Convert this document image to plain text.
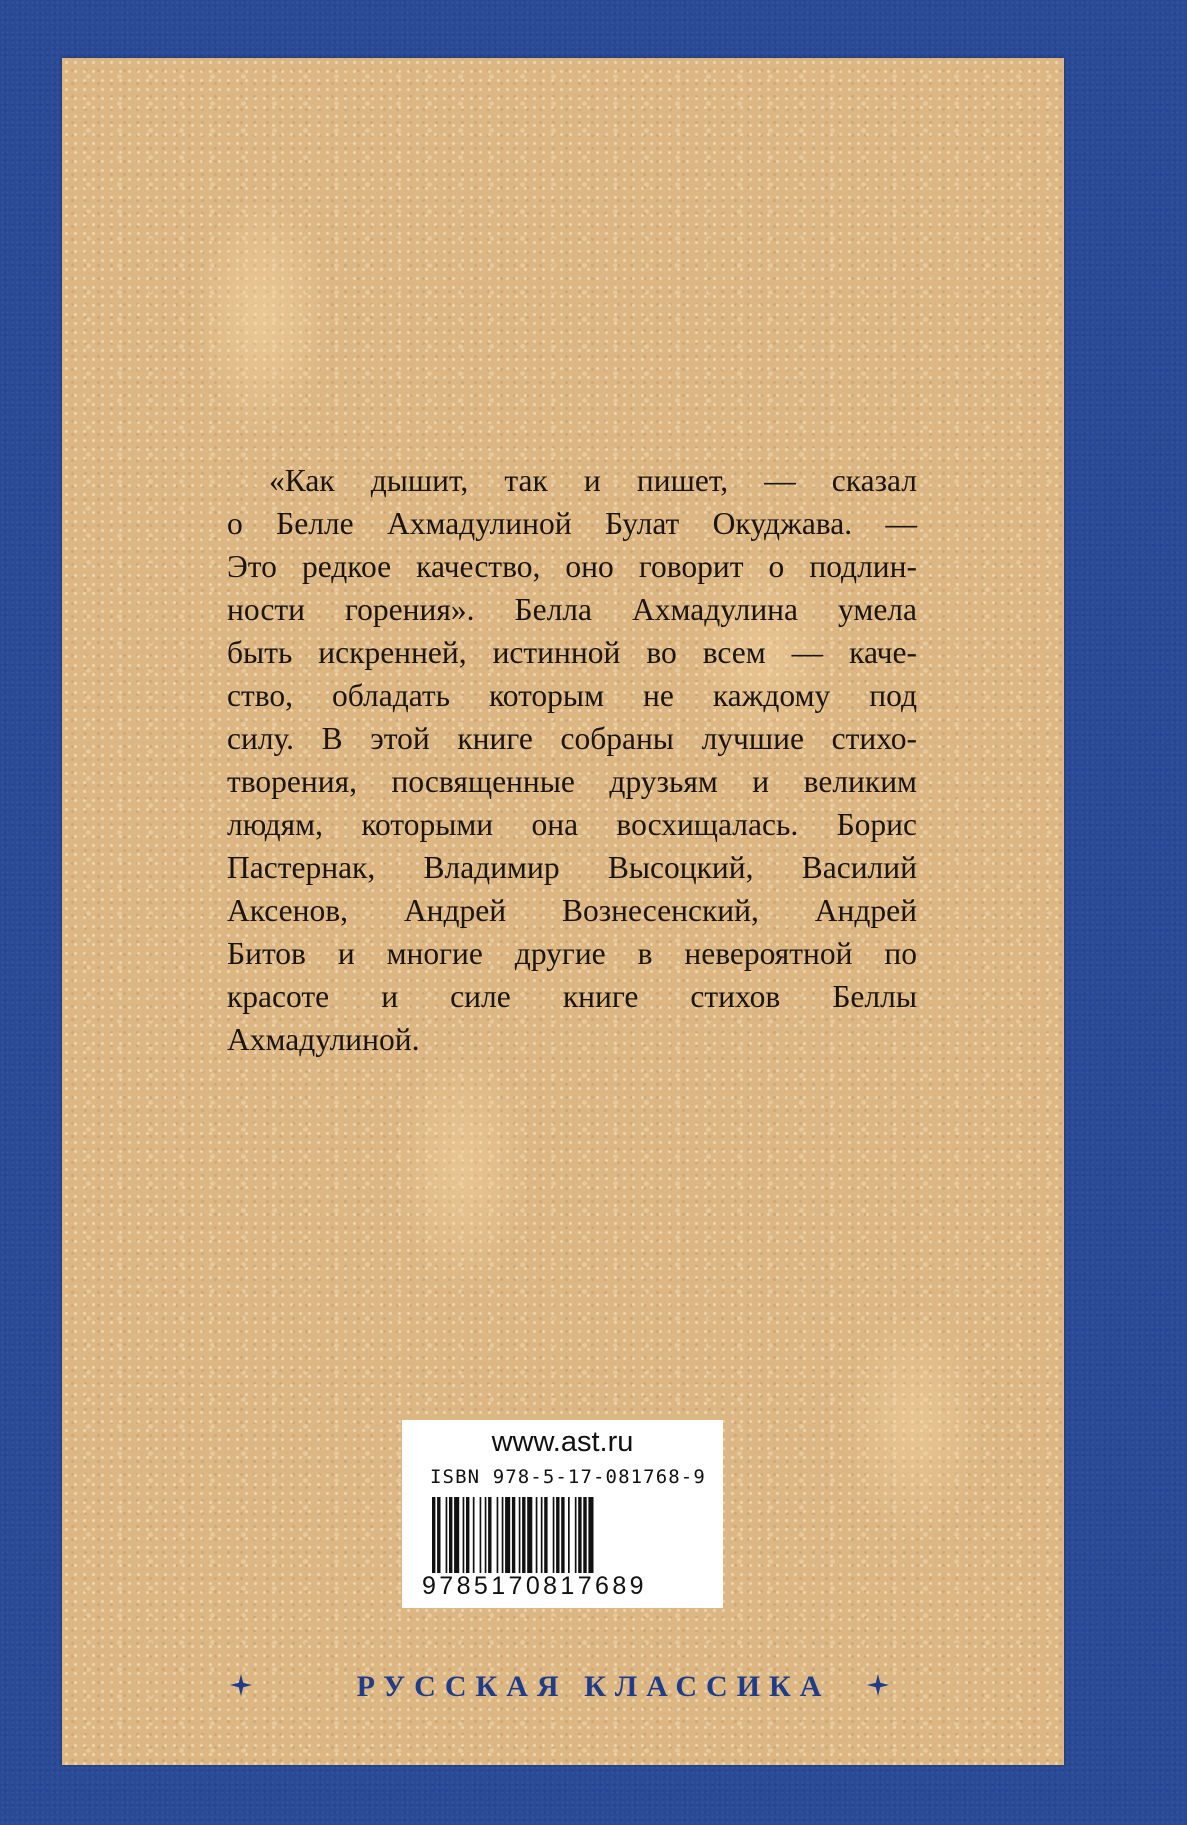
«Как дышит, так и пишет, — сказал
о Белле Ахмадулиной Булат Окуджава. —
Это редкое качество, оно говорит о подлин-
ности горения». Белла Ахмадулина умела
быть искренней, истинной во всем — каче-
ство, обладать которым не каждому под
силу. В этой книге собраны лучшие стихо-
творения, посвященные друзьям и великим
людям, которыми она восхищалась. Борис
Пастернак, Владимир Высоцкий, Василий
Аксенов, Андрей Вознесенский, Андрей
Битов и многие другие в невероятной по
красоте и силе книге стихов Беллы
Ахмадулиной.

www.ast.ru
ISBN 978-5-17-081768-9
9785170817689
РУССКАЯ КЛАССИКА
